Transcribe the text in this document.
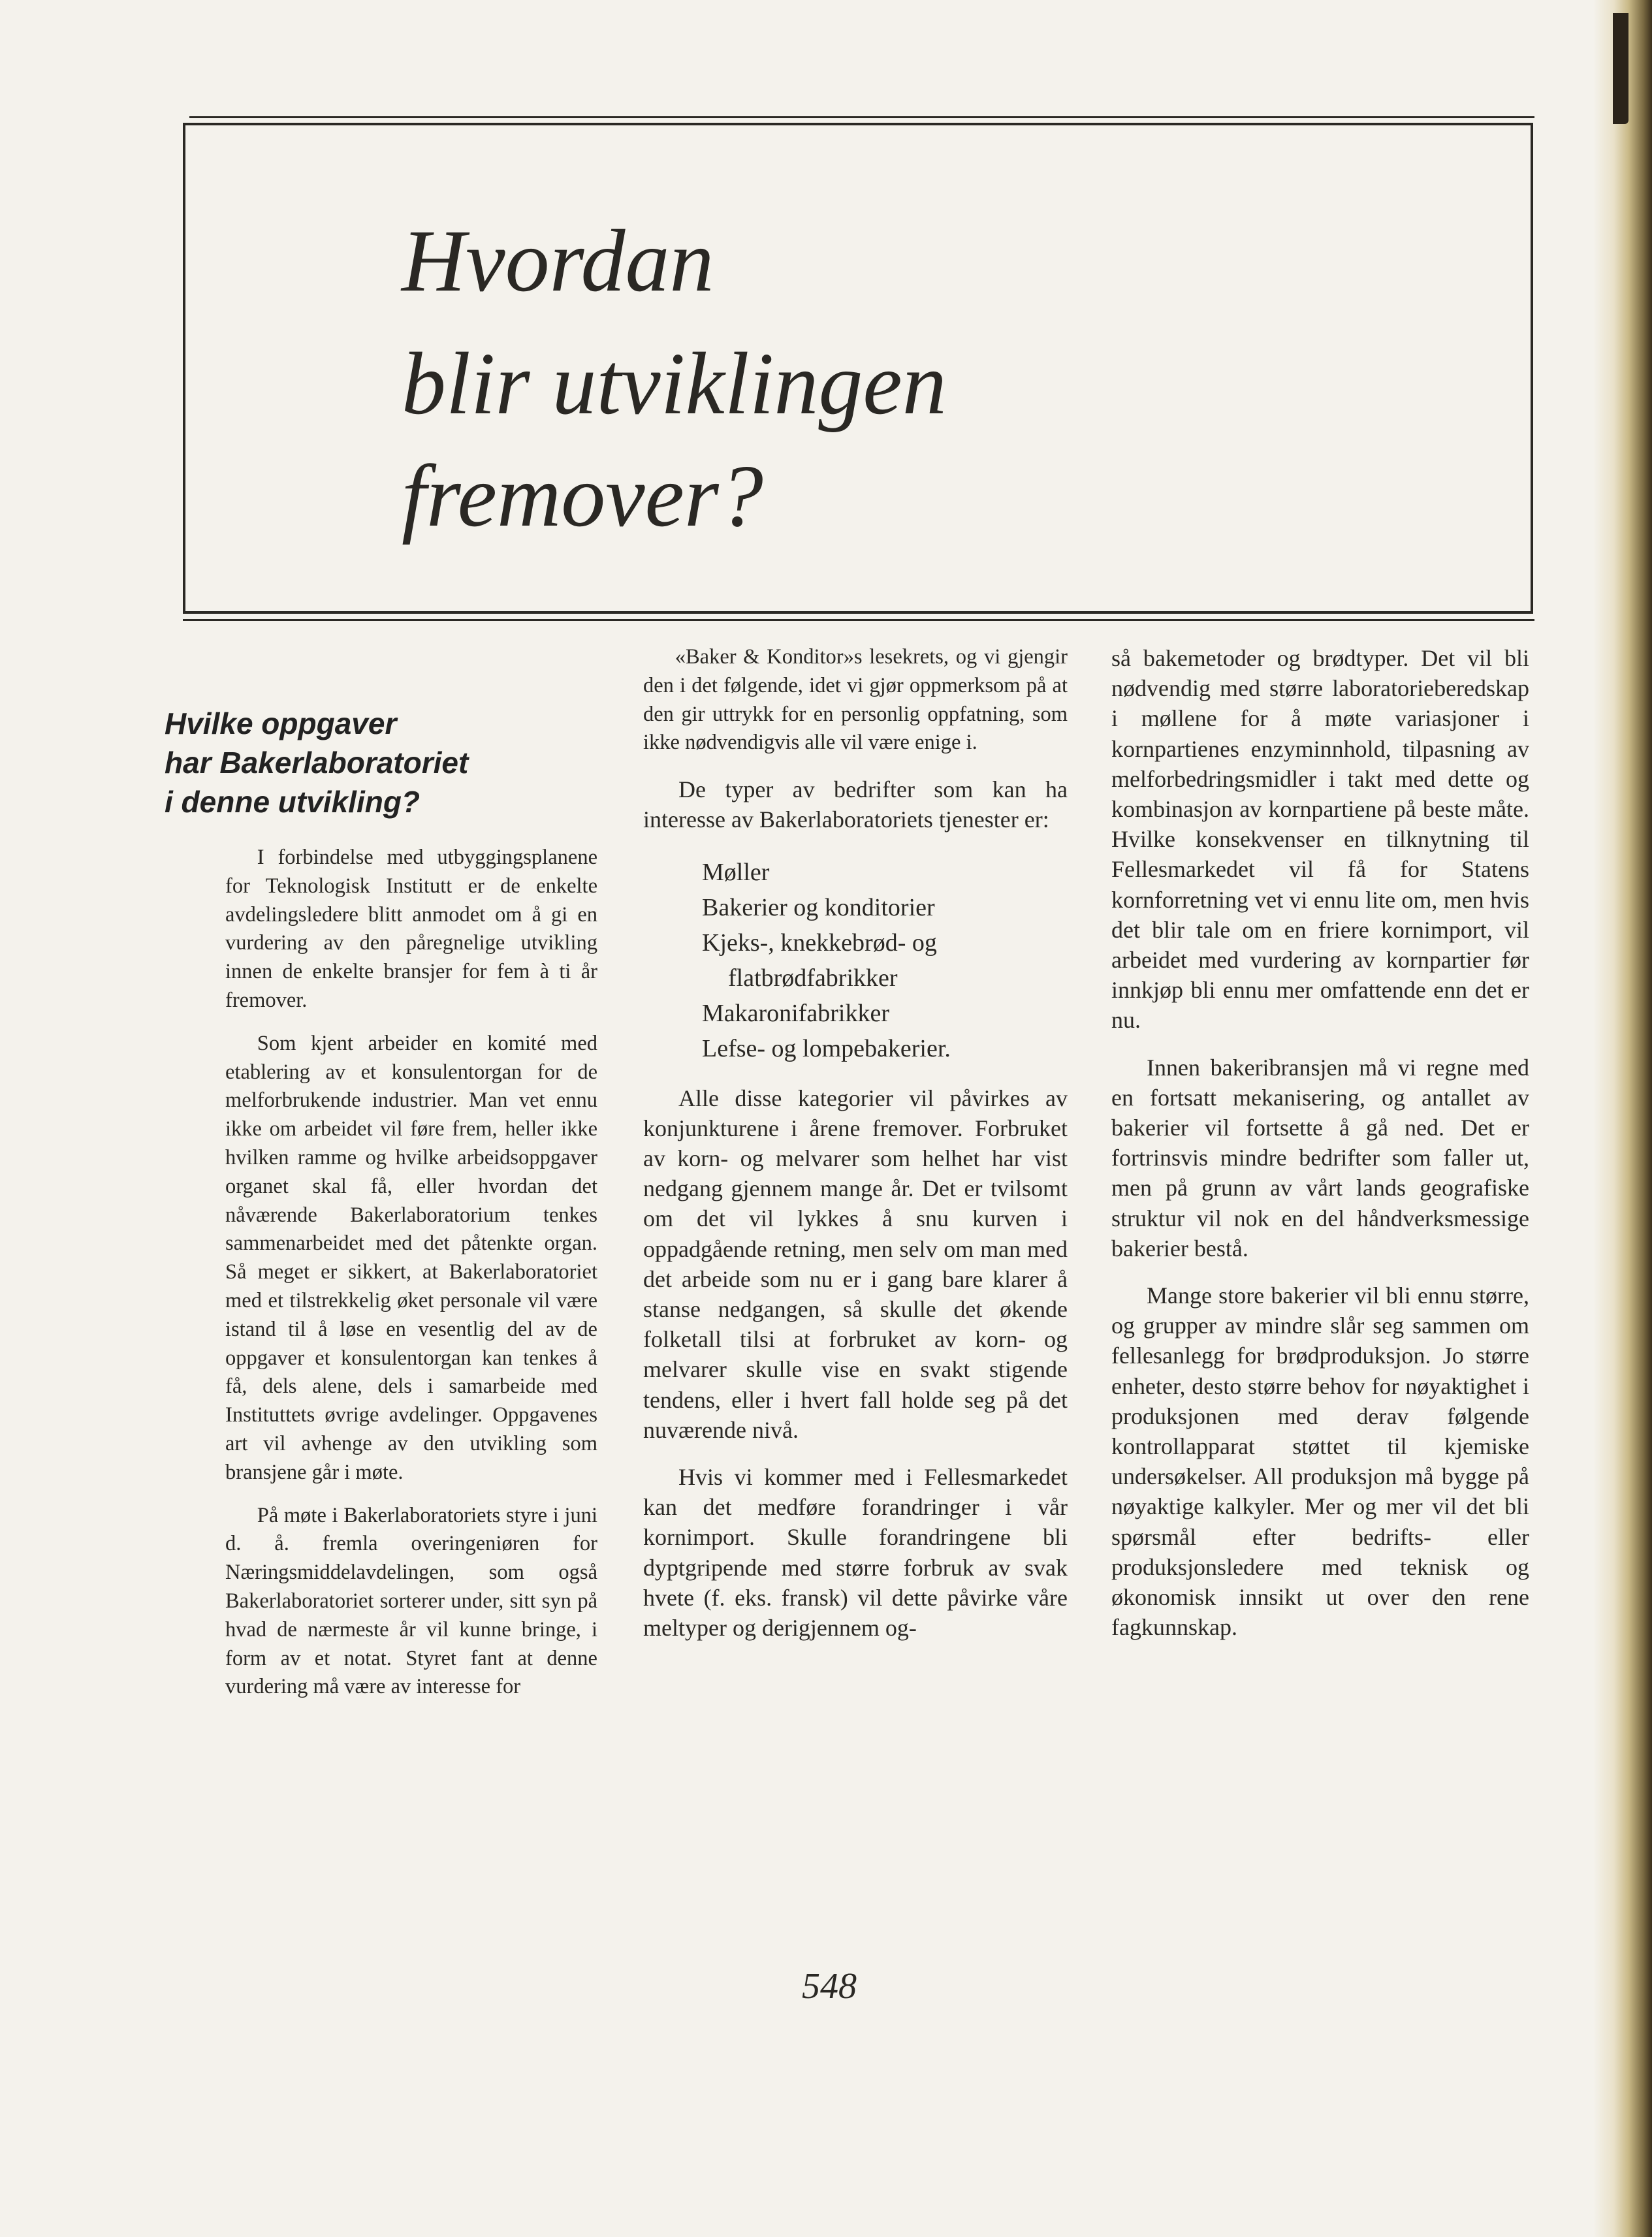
Hvordan
blir utviklingen
fremover?
Hvilke oppgaver
har Bakerlaboratoriet
i denne utvikling?

I forbindelse med utbyggingsplanene for Teknologisk Institutt er de enkelte avdelingsledere blitt anmodet om å gi en vurdering av den påregnelige utvikling innen de enkelte bransjer for fem à ti år fremover.

Som kjent arbeider en komité med etablering av et konsulentorgan for de melforbrukende industrier. Man vet ennu ikke om arbeidet vil føre frem, heller ikke hvilken ramme og hvilke arbeidsoppgaver organet skal få, eller hvordan det nåværende Bakerlaboratorium tenkes sammenarbeidet med det påtenkte organ. Så meget er sikkert, at Bakerlaboratoriet med et tilstrekkelig øket personale vil være istand til å løse en vesentlig del av de oppgaver et konsulentorgan kan tenkes å få, dels alene, dels i samarbeide med Instituttets øvrige avdelinger. Oppgavenes art vil avhenge av den utvikling som bransjene går i møte.

På møte i Bakerlaboratoriets styre i juni d. å. fremla overingeniøren for Næringsmiddelavdelingen, som også Bakerlaboratoriet sorterer under, sitt syn på hvad de nærmeste år vil kunne bringe, i form av et notat. Styret fant at denne vurdering må være av interesse for

«Baker & Konditor»s lesekrets, og vi gjengir den i det følgende, idet vi gjør oppmerksom på at den gir uttrykk for en personlig oppfatning, som ikke nødvendigvis alle vil være enige i.

De typer av bedrifter som kan ha interesse av Bakerlaboratoriets tjenester er:

Møller
Bakerier og konditorier
Kjeks-, knekkebrød- og
flatbrødfabrikker
Makaronifabrikker
Lefse- og lompebakerier.

Alle disse kategorier vil påvirkes av konjunkturene i årene fremover. Forbruket av korn- og melvarer som helhet har vist nedgang gjennem mange år. Det er tvilsomt om det vil lykkes å snu kurven i oppadgående retning, men selv om man med det arbeide som nu er i gang bare klarer å stanse nedgangen, så skulle det økende folketall tilsi at forbruket av korn- og melvarer skulle vise en svakt stigende tendens, eller i hvert fall holde seg på det nuværende nivå.

Hvis vi kommer med i Fellesmarkedet kan det medføre forandringer i vår kornimport. Skulle forandringene bli dyptgripende med større forbruk av svak hvete (f. eks. fransk) vil dette påvirke våre meltyper og derigjennem og-

så bakemetoder og brødtyper. Det vil bli nødvendig med større laboratorieberedskap i møllene for å møte variasjoner i kornpartienes enzyminnhold, tilpasning av melforbedringsmidler i takt med dette og kombinasjon av kornpartiene på beste måte. Hvilke konsekvenser en tilknytning til Fellesmarkedet vil få for Statens kornforretning vet vi ennu lite om, men hvis det blir tale om en friere kornimport, vil arbeidet med vurdering av kornpartier før innkjøp bli ennu mer omfattende enn det er nu.

Innen bakeribransjen må vi regne med en fortsatt mekanisering, og antallet av bakerier vil fortsette å gå ned. Det er fortrinsvis mindre bedrifter som faller ut, men på grunn av vårt lands geografiske struktur vil nok en del håndverksmessige bakerier bestå.

Mange store bakerier vil bli ennu større, og grupper av mindre slår seg sammen om fellesanlegg for brødproduksjon. Jo større enheter, desto større behov for nøyaktighet i produksjonen med derav følgende kontrollapparat støttet til kjemiske undersøkelser. All produksjon må bygge på nøyaktige kalkyler. Mer og mer vil det bli spørsmål efter bedrifts- eller produksjonsledere med teknisk og økonomisk innsikt ut over den rene fagkunnskap.

548
